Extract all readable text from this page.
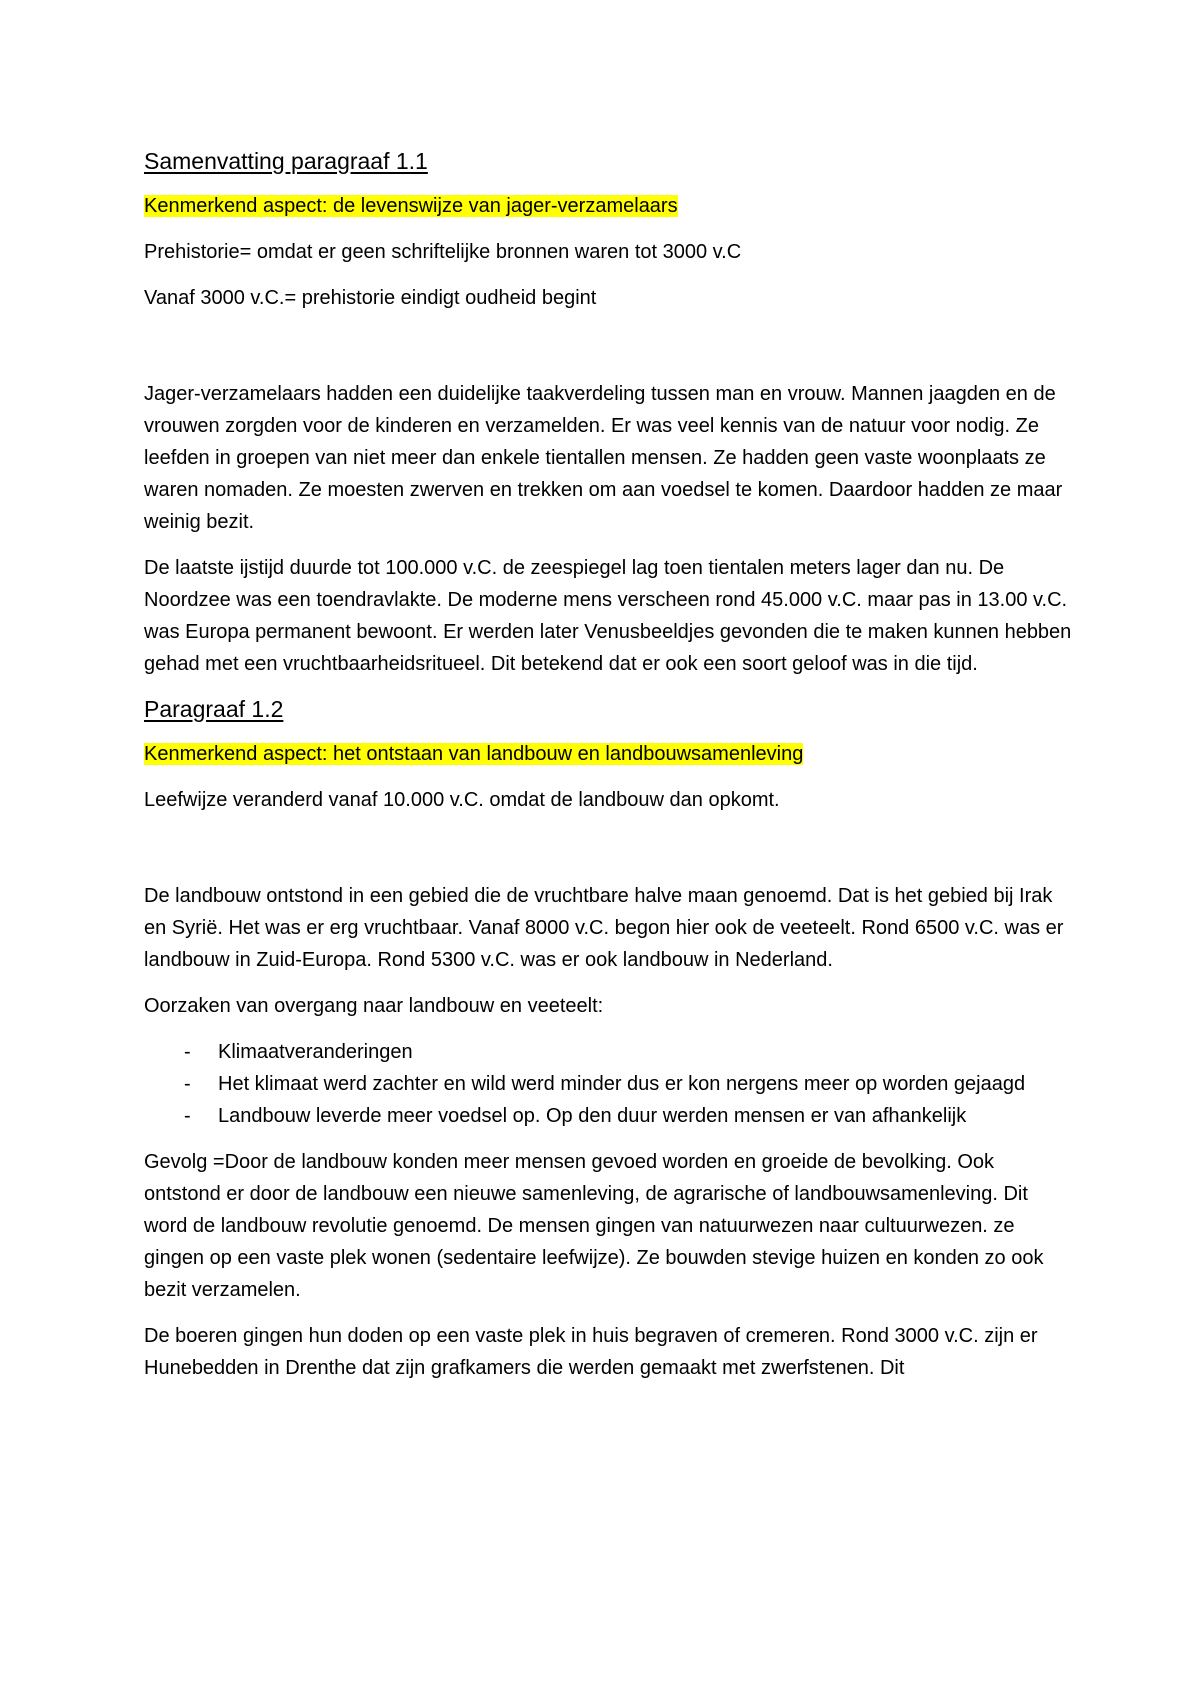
Samenvatting paragraaf 1.1
Kenmerkend aspect: de levenswijze van jager-verzamelaars
Prehistorie= omdat er geen schriftelijke bronnen waren tot 3000 v.C
Vanaf 3000 v.C.= prehistorie eindigt oudheid begint
Jager-verzamelaars hadden een duidelijke taakverdeling tussen man en vrouw. Mannen jaagden en de vrouwen zorgden voor de kinderen en verzamelden. Er was veel kennis van de natuur voor nodig. Ze leefden in groepen van niet meer dan enkele tientallen mensen. Ze hadden geen vaste woonplaats ze waren nomaden. Ze moesten zwerven en trekken om aan voedsel te komen. Daardoor hadden ze maar weinig bezit.
De laatste ijstijd duurde tot 100.000 v.C. de zeespiegel lag toen tientalen meters lager dan nu. De Noordzee was een toendravlakte. De moderne mens verscheen rond 45.000 v.C. maar pas in 13.00 v.C. was Europa permanent bewoont. Er werden later Venusbeeldjes gevonden die te maken kunnen hebben gehad met een vruchtbaarheidsritueel. Dit betekend dat er ook een soort geloof was in die tijd.
Paragraaf 1.2
Kenmerkend aspect: het ontstaan van landbouw en landbouwsamenleving
Leefwijze veranderd vanaf 10.000 v.C. omdat de landbouw dan opkomt.
De landbouw ontstond in een gebied die de vruchtbare halve maan genoemd. Dat is het gebied bij Irak en Syrië. Het was er erg vruchtbaar. Vanaf 8000 v.C. begon hier ook de veeteelt. Rond 6500 v.C. was er landbouw in Zuid-Europa. Rond 5300 v.C. was er ook landbouw in Nederland.
Oorzaken van overgang naar landbouw en veeteelt:
- Klimaatveranderingen
- Het klimaat werd zachter en wild werd minder dus er kon nergens meer op worden gejaagd
- Landbouw leverde meer voedsel op. Op den duur werden mensen er van afhankelijk
Gevolg =Door de landbouw konden meer mensen gevoed worden en groeide de bevolking. Ook ontstond er door de landbouw een nieuwe samenleving, de agrarische of landbouwsamenleving. Dit word de landbouw revolutie genoemd. De mensen gingen van natuurwezen naar cultuurwezen. ze gingen op een vaste plek wonen (sedentaire leefwijze). Ze bouwden stevige huizen en konden zo ook bezit verzamelen.
De boeren gingen hun doden op een vaste plek in huis begraven of cremeren. Rond 3000 v.C. zijn er Hunebedden in Drenthe dat zijn grafkamers die werden gemaakt met zwerfstenen. Dit
